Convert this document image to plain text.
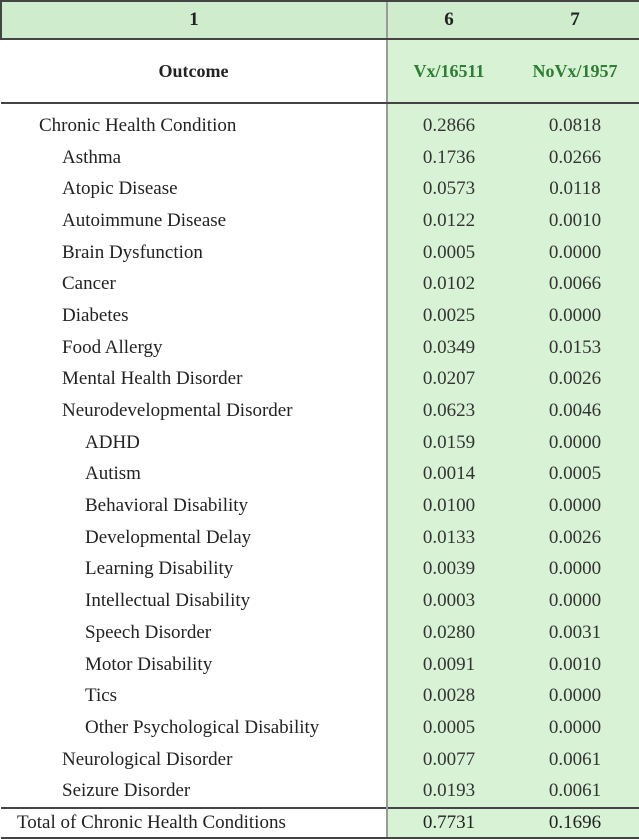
1	6	7
Outcome	Vx/16511	NoVx/1957
Chronic Health Condition	0.2866	0.0818
Asthma	0.1736	0.0266
Atopic Disease	0.0573	0.0118
Autoimmune Disease	0.0122	0.0010
Brain Dysfunction	0.0005	0.0000
Cancer	0.0102	0.0066
Diabetes	0.0025	0.0000
Food Allergy	0.0349	0.0153
Mental Health Disorder	0.0207	0.0026
Neurodevelopmental Disorder	0.0623	0.0046
ADHD	0.0159	0.0000
Autism	0.0014	0.0005
Behavioral Disability	0.0100	0.0000
Developmental Delay	0.0133	0.0026
Learning Disability	0.0039	0.0000
Intellectual Disability	0.0003	0.0000
Speech Disorder	0.0280	0.0031
Motor Disability	0.0091	0.0010
Tics	0.0028	0.0000
Other Psychological Disability	0.0005	0.0000
Neurological Disorder	0.0077	0.0061
Seizure Disorder	0.0193	0.0061
Total of Chronic Health Conditions	0.7731	0.1696
